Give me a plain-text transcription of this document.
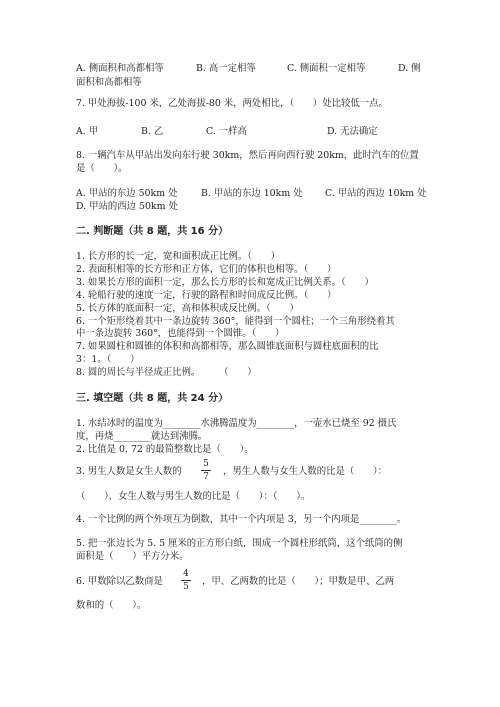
A. 侧面积和高都相等	B. 高一定相等	C. 侧面积一定相等	D. 侧
面积和高都相等
7. 甲处海拔-100 米，乙处海拔-80 米，两处相比，（　　）处比较低一点。
A. 甲	B. 乙	C. 一样高	D. 无法确定
8. 一辆汽车从甲站出发向东行驶 30km，然后再向西行驶 20km，此时汽车的位置
是（　　）。
A. 甲站的东边 50km 处	B. 甲站的东边 10km 处 C. 甲站的西边 10km 处
D. 甲站的西边 50km 处
二. 判断题（共 8 题，共 16 分）
1. 长方形的长一定，宽和面积成正比例。（　　）
2. 表面积相等的长方形和正方体，它们的体积也相等。（　　）
3. 如果长方形的面积一定，那么长方形的长和宽成正比例关系。（　　）
4. 轮船行驶的速度一定，行驶的路程和时间成反比例。（　　）
5. 长方体的底面积一定，高和体积成反比例。（　　）
6. 一个矩形绕着其中一条边旋转 360°，能得到一个圆柱；一个三角形绕着其
中一条边旋转 360°，也能得到一个圆锥。（　　）
7. 如果圆柱和圆锥的体积和高都相等，那么圆锥底面积与圆柱底面积的比
3：1。（　　）
8. 圆的周长与半径成正比例。　　　（　　）
三. 填空题（共 8 题，共 24 分）
1. 水结冰时的温度为________水沸腾温度为________，一壶水已烧至 92 摄氏
度，再烧________就达到沸腾。
2. 比值是 0. 72 的最简整数比是（　　）。
3. 男生人数是女生人数的
5
7	，男生人数与女生人数的比是（　　）：
（　　），女生人数与男生人数的比是（　　）：（　　）。
4. 一个比例的两个外项互为倒数，其中一个内项是 3，另一个内项是________。
5. 把一张边长为 5. 5 厘米的正方形白纸，围成一个圆柱形纸筒，这个纸筒的侧
面积是（　　）平方分米。
6. 甲数除以乙数商是
4
5	，甲、乙两数的比是（　　）；甲数是甲、乙两
数和的（　　）。
